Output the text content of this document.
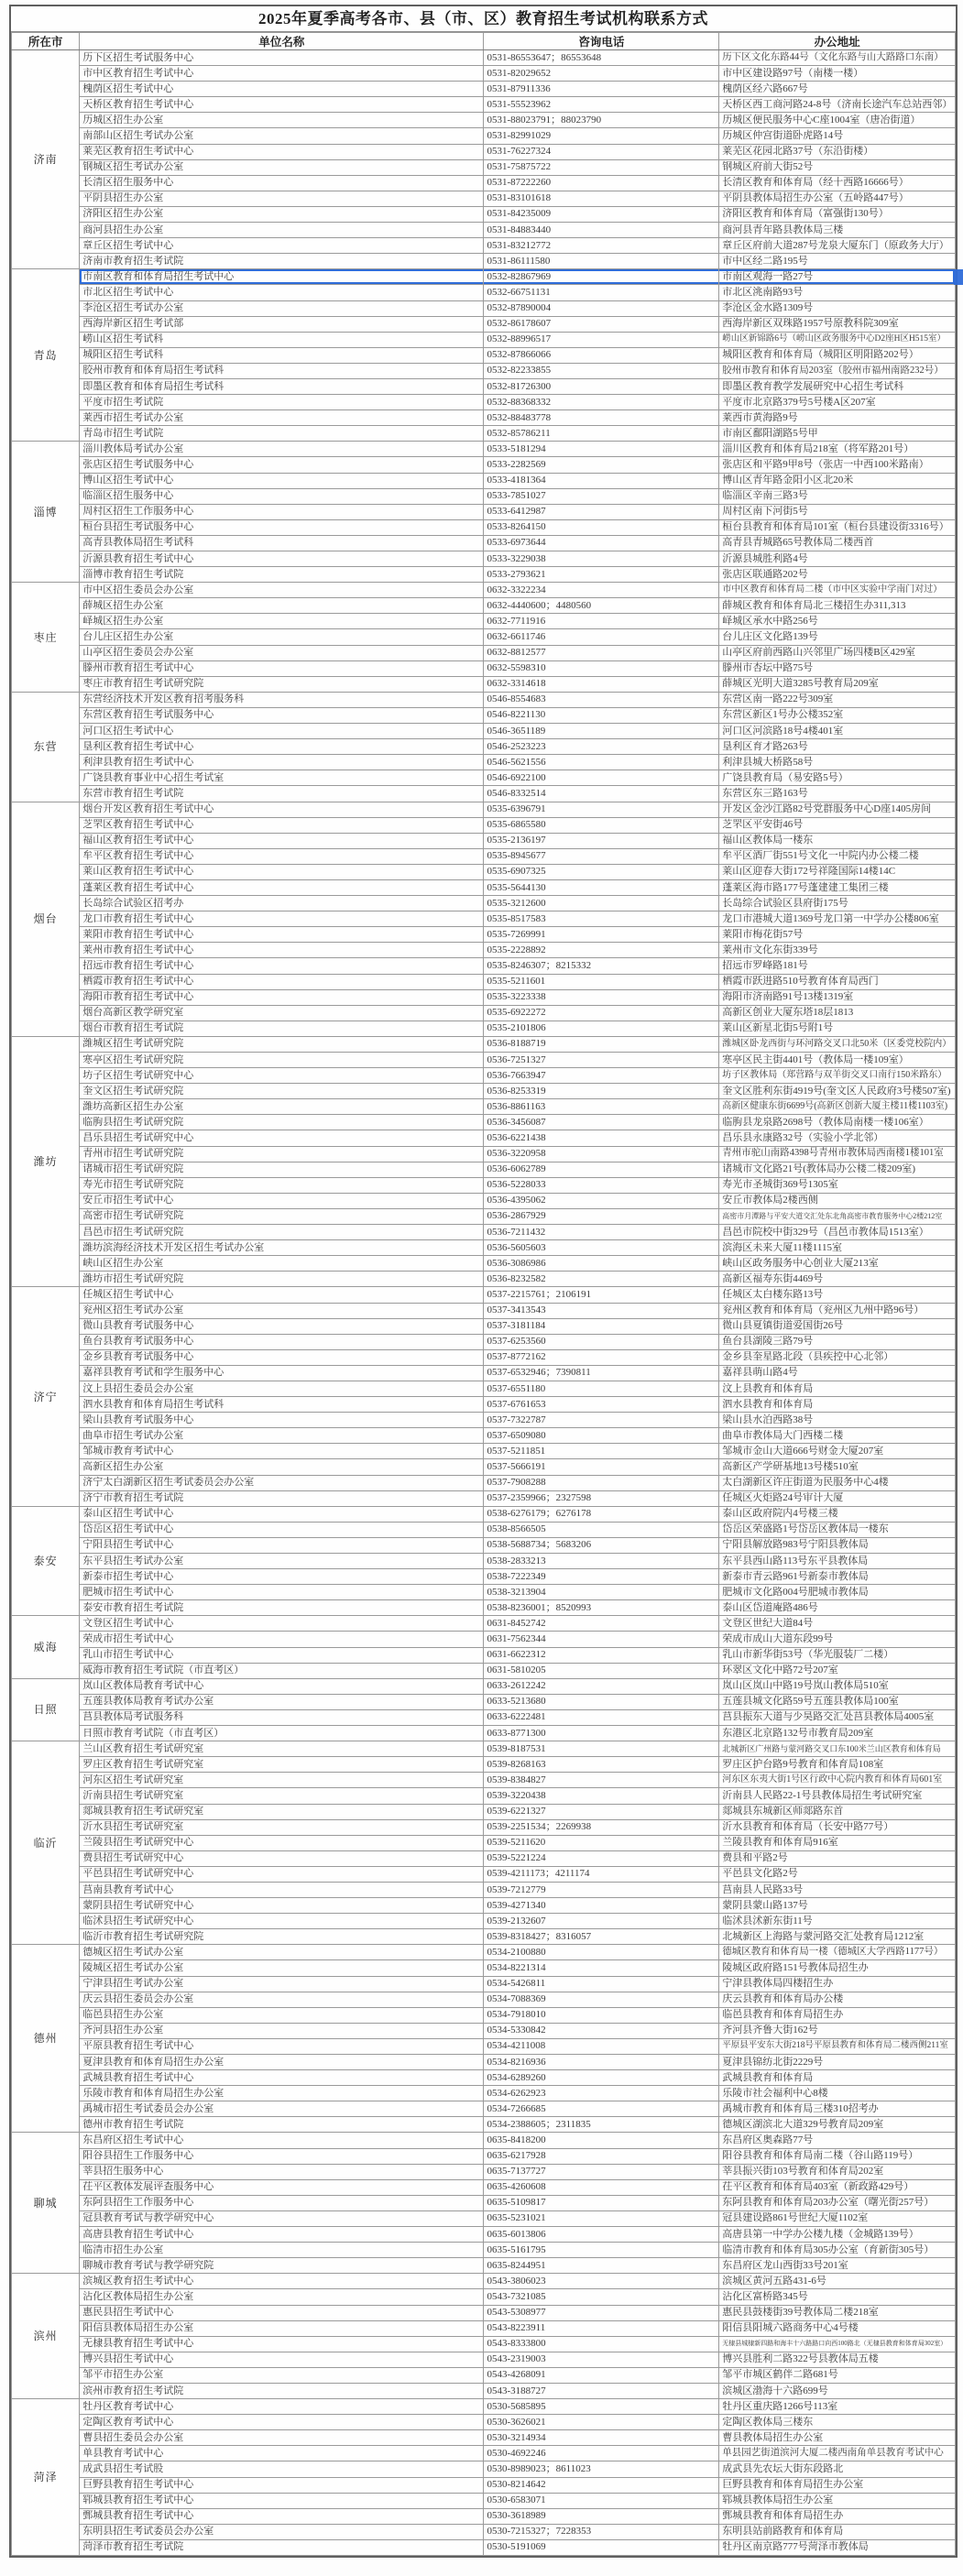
2025年夏季高考各市、县（市、区）教育招生考试机构联系方式
所在市	单位名称	咨询电话	办公地址
济南	历下区招生考试服务中心	0531-86553647；86553648	历下区文化东路44号（文化东路与山大路路口东南）
	市中区教育招生考试中心	0531-82029652	市中区建设路97号（南楼一楼）
	槐荫区招生考试中心	0531-87911336	槐荫区经六路667号
	天桥区教育招生考试中心	0531-55523962	天桥区西工商河路24-8号（济南长途汽车总站西邻）
	历城区招生办公室	0531-88023791；88023790	历城区便民服务中心C座1004室（唐冶街道）
	南部山区招生考试办公室	0531-82991029	历城区仲宫街道卧虎路14号
	莱芜区教育招生考试中心	0531-76227324	莱芜区花园北路37号（东沿街楼）
	钢城区招生考试办公室	0531-75875722	钢城区府前大街52号
	长清区招生服务中心	0531-87222260	长清区教育和体育局（经十西路16666号）
	平阴县招生办公室	0531-83101618	平阴县教体局招生办公室（五岭路447号）
	济阳区招生办公室	0531-84235009	济阳区教育和体育局（富强街130号）
	商河县招生办公室	0531-84883440	商河县青年路县教体局三楼
	章丘区招生考试中心	0531-83212772	章丘区府前大道287号龙泉大厦东门（原政务大厅）
	济南市教育招生考试院	0531-86111580	市中区经二路195号
青岛	市南区教育和体育局招生考试中心	0532-82867969	市南区观海一路27号
	市北区招生考试中心	0532-66751131	市北区洮南路93号
	李沧区招生考试办公室	0532-87890004	李沧区金水路1309号
	西海岸新区招生考试部	0532-86178607	西海岸新区双珠路1957号原教科院309室
	崂山区招生考试科	0532-88996517	崂山区新锦路6号（崂山区政务服务中心D2座H区H515室）
	城阳区招生考试科	0532-87866066	城阳区教育和体育局（城阳区明阳路202号）
	胶州市教育和体育局招生考试科	0532-82233855	胶州市教育和体育局203室（胶州市福州南路232号）
	即墨区教育和体育局招生考试科	0532-81726300	即墨区教育教学发展研究中心招生考试科
	平度市招生考试院	0532-88368332	平度市北京路379号5号楼A区207室
	莱西市招生考试办公室	0532-88483778	莱西市黄海路9号
	青岛市招生考试院	0532-85786211	市南区鄱阳湖路5号甲
淄博	淄川教体局考试办公室	0533-5181294	淄川区教育和体育局218室（将军路201号）
	张店区招生考试服务中心	0533-2282569	张店区和平路9甲8号（张店一中西100米路南）
	博山区招生考试中心	0533-4181364	博山区青年路金阳小区北20米
	临淄区招生服务中心	0533-7851027	临淄区辛南三路3号
	周村区招生工作服务中心	0533-6412987	周村区南下河街5号
	桓台县招生考试服务中心	0533-8264150	桓台县教育和体育局101室（桓台县建设街3316号）
	高青县教体局招生考试科	0533-6973644	高青县青城路65号教体局二楼西首
	沂源县教育招生考试中心	0533-3229038	沂源县城胜利路4号
	淄博市教育招生考试院	0533-2793621	张店区联通路202号
枣庄	市中区招生委员会办公室	0632-3322234	市中区教育和体育局二楼（市中区实验中学南门对过）
	薛城区招生办公室	0632-4440600；4480560	薛城区教育和体育局北三楼招生办311,313
	峄城区招生办公室	0632-7711916	峄城区承水中路256号
	台儿庄区招生办公室	0632-6611746	台儿庄区文化路139号
	山亭区招生委员会办公室	0632-8812577	山亭区府前西路山兴邻里广场四楼B区429室
	滕州市教育招生考试中心	0632-5598310	滕州市杏坛中路75号
	枣庄市教育招生考试研究院	0632-3314618	薛城区光明大道3285号教育局209室
东营	东营经济技术开发区教育招考服务科	0546-8554683	东营区南一路222号309室
	东营区教育招生考试服务中心	0546-8221130	东营区新区1号办公楼352室
	河口区招生考试中心	0546-3651189	河口区河滨路18号4楼401室
	垦利区教育招生考试中心	0546-2523223	垦利区育才路263号
	利津县教育招生考试中心	0546-5621556	利津县城大桥路58号
	广饶县教育事业中心招生考试室	0546-6922100	广饶县教育局（易安路5号）
	东营市教育招生考试院	0546-8332514	东营区东三路163号
烟台	烟台开发区教育招生考试中心	0535-6396791	开发区金沙江路82号党群服务中心D座1405房间
	芝罘区教育招生考试中心	0535-6865580	芝罘区平安街46号
	福山区教育招生考试中心	0535-2136197	福山区教体局一楼东
	牟平区教育招生考试中心	0535-8945677	牟平区酒厂街551号文化一中院内办公楼二楼
	莱山区教育招生考试中心	0535-6907325	莱山区迎春大街172号祥隆国际14楼14C
	蓬莱区教育招生考试中心	0535-5644130	蓬莱区海市路177号蓬建建工集团三楼
	长岛综合试验区招考办	0535-3212600	长岛综合试验区县府街175号
	龙口市教育招生考试中心	0535-8517583	龙口市港城大道1369号龙口第一中学办公楼806室
	莱阳市教育招生考试中心	0535-7269991	莱阳市梅花街57号
	莱州市教育招生考试中心	0535-2228892	莱州市文化东街339号
	招远市教育招生考试中心	0535-8246307；8215332	招远市罗峰路181号
	栖霞市教育招生考试中心	0535-5211601	栖霞市跃进路510号教育体育局西门
	海阳市教育招生考试中心	0535-3223338	海阳市济南路91号13楼1319室
	烟台高新区教学研究室	0535-6922272	高新区创业大厦东塔18层1813
	烟台市教育招生考试院	0535-2101806	莱山区新星北街5号附1号
潍坊	潍城区招生考试研究院	0536-8188719	潍城区卧龙西街与环河路交叉口北50米（区委党校院内）
	寒亭区招生考试研究院	0536-7251327	寒亭区民主街4401号（教体局一楼109室）
	坊子区招生考试研究中心	0536-7663947	坊子区教体局（郑营路与双羊街交叉口南行150米路东）
	奎文区招生考试研究院	0536-8253319	奎文区胜利东街4919号(奎文区人民政府3号楼507室)
	潍坊高新区招生办公室	0536-8861163	高新区健康东街6699号(高新区创新大厦主楼11楼1103室)
	临朐县招生考试研究院	0536-3456087	临朐县龙泉路2698号（教体局南楼一楼106室）
	昌乐县招生考试研究中心	0536-6221438	昌乐县永康路32号（实验小学北邻）
	青州市招生考试研究院	0536-3220958	青州市驼山南路4398号青州市教体局西南楼1楼101室
	诸城市招生考试研究院	0536-6062789	诸城市文化路21号(教体局办公楼二楼209室)
	寿光市招生考试研究院	0536-5228033	寿光市圣城街369号1305室
	安丘市招生考试中心	0536-4395062	安丘市教体局2楼西侧
	高密市招生考试研究院	0536-2867929	高密市月潭路与平安大道交汇处东北角高密市教育服务中心2楼212室
	昌邑市招生考试研究院	0536-7211432	昌邑市院校中街329号（昌邑市教体局1513室）
	潍坊滨海经济技术开发区招生考试办公室	0536-5605603	滨海区未来大厦11楼1115室
	峡山区招生办公室	0536-3086986	峡山区政务服务中心创业大厦213室
	潍坊市招生考试研究院	0536-8232582	高新区福寿东街4469号
济宁	任城区招生考试中心	0537-2215761；2106191	任城区太白楼东路13号
	兖州区招生考试办公室	0537-3413543	兖州区教育和体育局（兖州区九州中路96号）
	微山县教育考试服务中心	0537-3181184	微山县夏镇街道爱国街26号
	鱼台县教育考试服务中心	0537-6253560	鱼台县湖陵三路79号
	金乡县教育考试服务中心	0537-8772162	金乡县奎星路北段（县疾控中心北邻）
	嘉祥县教育考试和学生服务中心	0537-6532946；7390811	嘉祥县萌山路4号
	汶上县招生委员会办公室	0537-6551180	汶上县教育和体育局
	泗水县教育和体育局招生考试科	0537-6761653	泗水县教育和体育局
	梁山县教育考试服务中心	0537-7322787	梁山县水泊西路38号
	曲阜市招生考试办公室	0537-6509080	曲阜市教体局大门西楼二楼
	邹城市教育考试中心	0537-5211851	邹城市金山大道666号财金大厦207室
	高新区招生办公室	0537-5666191	高新区产学研基地13号楼510室
	济宁太白湖新区招生考试委员会办公室	0537-7908288	太白湖新区许庄街道为民服务中心4楼
	济宁市教育招生考试院	0537-2359966；2327598	任城区火炬路24号审计大厦
泰安	泰山区招生考试中心	0538-6276179；6276178	泰山区政府院内4号楼三楼
	岱岳区招生考试中心	0538-8566505	岱岳区荣盛路1号岱岳区教体局一楼东
	宁阳县招生考试中心	0538-5688734；5683206	宁阳县解放路983号宁阳县教体局
	东平县招生考试办公室	0538-2833213	东平县西山路113号东平县教体局
	新泰市招生考试中心	0538-7222349	新泰市青云路961号新泰市教体局
	肥城市招生考试中心	0538-3213904	肥城市文化路004号肥城市教体局
	泰安市教育招生考试院	0538-8236001；8520993	泰山区岱道庵路486号
威海	文登区招生考试中心	0631-8452742	文登区世纪大道84号
	荣成市招生考试中心	0631-7562344	荣成市成山大道东段99号
	乳山市招生考试中心	0631-6622312	乳山市新华街53号（华光服装厂二楼）
	威海市教育招生考试院（市直考区）	0631-5810205	环翠区文化中路72号207室
日照	岚山区教体局教育考试中心	0633-2612242	岚山区岚山中路19号岚山教体局510室
	五莲县教体局教育考试办公室	0633-5213680	五莲县城文化路59号五莲县教体局100室
	莒县教体局考试服务科	0633-6222481	莒县振东大道与少昊路交汇处莒县教体局4005室
	日照市教育考试院（市直考区）	0633-8771300	东港区北京路132号市教育局209室
临沂	兰山区教育招生考试研究室	0539-8187531	北城新区广州路与蒙河路交叉口东100米兰山区教育和体育局
	罗庄区教育招生考试研究室	0539-8268163	罗庄区护台路9号教育和体育局108室
	河东区招生考试研究室	0539-8384827	河东区东夷大街1号区行政中心院内教育和体育局601室
	沂南县招生考试研究室	0539-3220438	沂南县人民路22-1号县教体局招生考试研究室
	郯城县教育招生考试研究室	0539-6221327	郯城县东城新区师郯路东首
	沂水县招生考试研究室	0539-2251534；2269938	沂水县教育和体育局（长安中路77号）
	兰陵县招生考试研究中心	0539-5211620	兰陵县教育和体育局916室
	费县招生考试研究中心	0539-5221224	费县和平路2号
	平邑县招生考试研究中心	0539-4211173；4211174	平邑县文化路2号
	莒南县教育考试中心	0539-7212779	莒南县人民路33号
	蒙阴县招生考试研究中心	0539-4271340	蒙阴县蒙山路137号
	临沭县招生考试研究中心	0539-2132607	临沭县沭新东街11号
	临沂市教育招生考试研究院	0539-8318427；8316057	北城新区上海路与蒙河路交汇处教育局1212室
德州	德城区招生考试办公室	0534-2100880	德城区教育和体育局一楼（德城区大学西路1177号）
	陵城区招生考试办公室	0534-8221314	陵城区政府路151号教体局招生办
	宁津县招生考试办公室	0534-5426811	宁津县教体局四楼招生办
	庆云县招生委员会办公室	0534-7088369	庆云县教育和体育局办公楼
	临邑县招生办公室	0534-7918010	临邑县教育和体育局招生办
	齐河县招生办公室	0534-5330842	齐河县齐鲁大街162号
	平原县教育招生考试中心	0534-4211008	平原县平安东大街218号平原县教育和体育局二楼西侧211室
	夏津县教育和体育局招生办公室	0534-8216936	夏津县锦纺北街2229号
	武城县教育招生考试中心	0534-6289260	武城县教育和体育局
	乐陵市教育和体育局招生办公室	0534-6262923	乐陵市社会福利中心8楼
	禹城市招生考试委员会办公室	0534-7266685	禹城市教育和体育局三楼310招考办
	德州市教育招生考试院	0534-2388605；2311835	德城区湖滨北大道329号教育局209室
聊城	东昌府区招生考试中心	0635-8418200	东昌府区奥森路77号
	阳谷县招生工作服务中心	0635-6217928	阳谷县教育和体育局南二楼（谷山路119号）
	莘县招生服务中心	0635-7137727	莘县振兴街103号教育和体育局202室
	茌平区教体发展评查服务中心	0635-4260608	茌平区教育和体育局403室（新政路429号）
	东阿县招生工作服务中心	0635-5109817	东阿县教育和体育局203办公室（曙光街257号）
	冠县教育考试与教学研究中心	0635-5231021	冠县建设路861号世纪大厦1102室
	高唐县教育招生考试中心	0635-6013806	高唐县第一中学办公楼九楼（金城路139号）
	临清市招生办公室	0635-5161795	临清市教育和体育局305办公室（育新街305号）
	聊城市教育考试与教学研究院	0635-8244951	东昌府区龙山西街33号201室
滨州	滨城区教育招生考试中心	0543-3806023	滨城区黄河五路431-6号
	沾化区教体局招生办公室	0543-7321085	沾化区富桥路345号
	惠民县招生考试中心	0543-5308977	惠民县鼓楼街39号教体局二楼218室
	阳信县教体局招生办公室	0543-8223911	阳信县阳城六路商务中心4号楼
	无棣县教育招生考试中心	0543-8333800	无棣县城棣新四路和海丰十六路路口向西100路北（无棣县教育和体育局302室）
	博兴县招生考试中心	0543-2319003	博兴县胜利二路322号县教体局五楼
	邹平市招生办公室	0543-4268091	邹平市城区鹤伴二路681号
	滨州市教育招生考试院	0543-3188727	滨城区渤海十六路699号
菏泽	牡丹区教育考试中心	0530-5685895	牡丹区重庆路1266号113室
	定陶区教育考试中心	0530-3626021	定陶区教体局三楼东
	曹县招生委员会办公室	0530-3214934	曹县教体局招生办公室
	单县教育考试中心	0530-4692246	单县园艺街道滨河大厦二楼西南角单县教育考试中心
	成武县招生考试股	0530-8989023；8611023	成武县先农坛大街东段路北
	巨野县教育招生考试中心	0530-8214642	巨野县教育和体育局招生办公室
	郓城县教育招生考试中心	0530-6583071	郓城县教体局招生办公室
	鄄城县教育招生考试中心	0530-3618989	鄄城县教育和体育局招生办
	东明县招生考试委员会办公室	0530-7215327；7228353	东明县站前路教育和体育局
	菏泽市教育招生考试院	0530-5191069	牡丹区南京路777号菏泽市教体局
